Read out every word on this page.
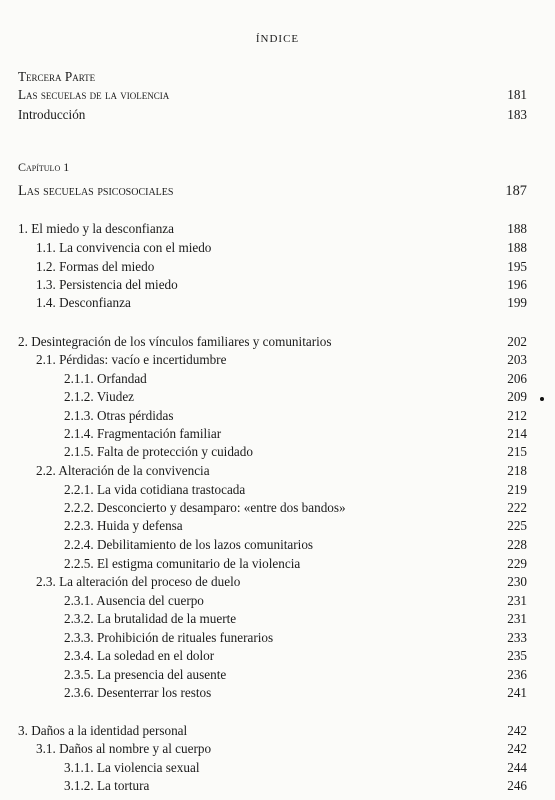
ÍNDICE
Tercera Parte
Las secuelas de la violencia	181
Introducción	183
Capítulo 1
Las secuelas psicosociales	187
1. El miedo y la desconfianza	188
1.1. La convivencia con el miedo	188
1.2. Formas del miedo	195
1.3. Persistencia del miedo	196
1.4. Desconfianza	199
2. Desintegración de los vínculos familiares y comunitarios	202
2.1. Pérdidas: vacío e incertidumbre	203
2.1.1. Orfandad	206
2.1.2. Viudez	209
2.1.3. Otras pérdidas	212
2.1.4. Fragmentación familiar	214
2.1.5. Falta de protección y cuidado	215
2.2. Alteración de la convivencia	218
2.2.1. La vida cotidiana trastocada	219
2.2.2. Desconcierto y desamparo: «entre dos bandos»	222
2.2.3. Huida y defensa	225
2.2.4. Debilitamiento de los lazos comunitarios	228
2.2.5. El estigma comunitario de la violencia	229
2.3. La alteración del proceso de duelo	230
2.3.1. Ausencia del cuerpo	231
2.3.2. La brutalidad de la muerte	231
2.3.3. Prohibición de rituales funerarios	233
2.3.4. La soledad en el dolor	235
2.3.5. La presencia del ausente	236
2.3.6. Desenterrar los restos	241
3. Daños a la identidad personal	242
3.1. Daños al nombre y al cuerpo	242
3.1.1. La violencia sexual	244
3.1.2. La tortura	246
